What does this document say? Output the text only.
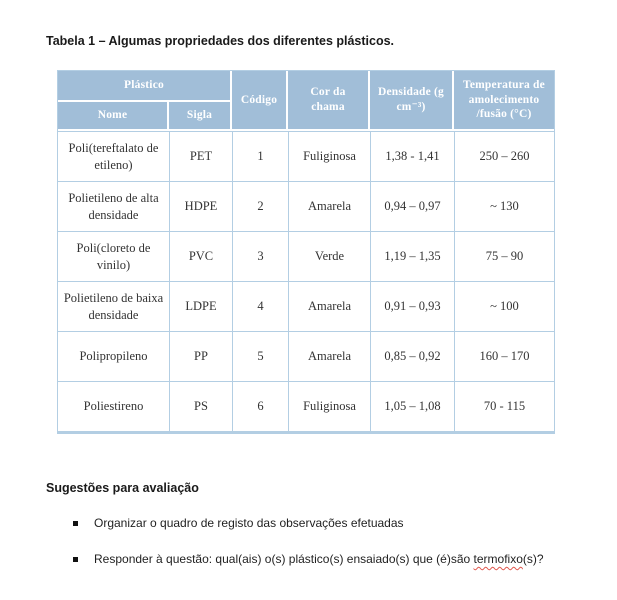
Tabela 1 – Algumas propriedades dos diferentes plásticos.
Plástico		Código	Cor da chama	Densidade (g cm⁻³)	Temperatura de amolecimento /fusão (°C)
Nome	Sigla				
Poli(tereftalato de etileno)	PET	1	Fuliginosa	1,38 - 1,41	250 – 260
Polietileno de alta densidade	HDPE	2	Amarela	0,94 – 0,97	~ 130
Poli(cloreto de vinilo)	PVC	3	Verde	1,19 – 1,35	75 – 90
Polietileno de baixa densidade	LDPE	4	Amarela	0,91 – 0,93	~ 100
Polipropileno	PP	5	Amarela	0,85 – 0,92	160 – 170
Poliestireno	PS	6	Fuliginosa	1,05 – 1,08	70 - 115
Sugestões para avaliação
Organizar o quadro de registo das observações efetuadas
Responder à questão: qual(ais) o(s) plástico(s) ensaiado(s) que (é)são termofixo(s)?
